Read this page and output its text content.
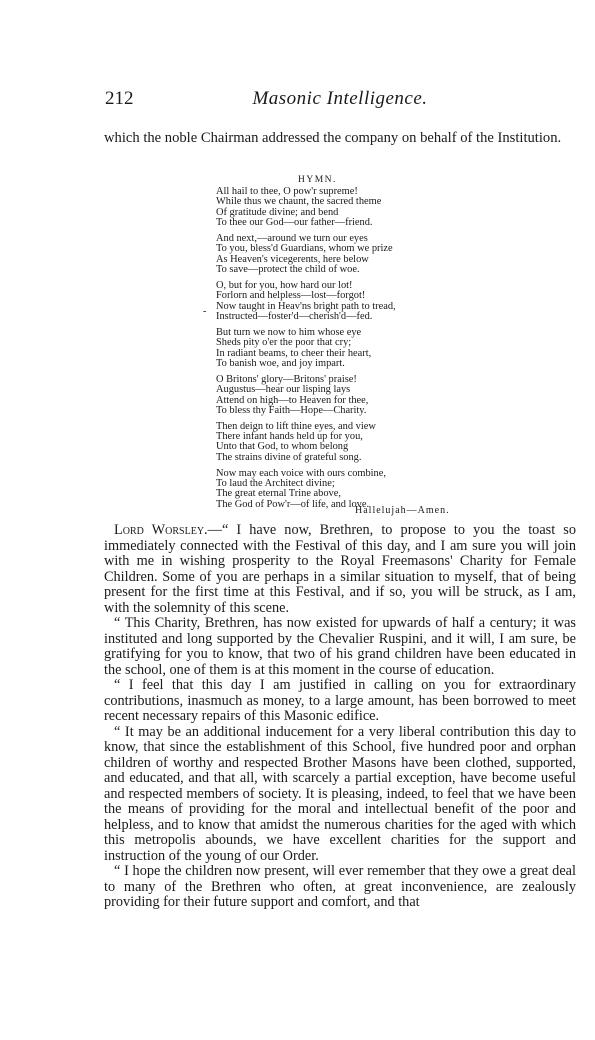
212	Masonic Intelligence.
which the noble Chairman addressed the company on behalf of the Institution.
HYMN.
-
All hail to thee, O pow'r supreme!
While thus we chaunt, the sacred theme
Of gratitude divine; and bend
To thee our God—our father—friend.
And next,—around we turn our eyes
To you, bless'd Guardians, whom we prize
As Heaven's vicegerents, here below
To save—protect the child of woe.
O, but for you, how hard our lot!
Forlorn and helpless—lost—forgot!
Now taught in Heav'ns bright path to tread,
Instructed—foster'd—cherish'd—fed.
But turn we now to him whose eye
Sheds pity o'er the poor that cry;
In radiant beams, to cheer their heart,
To banish woe, and joy impart.
O Britons' glory—Britons' praise!
Augustus—hear our lisping lays
Attend on high—to Heaven for thee,
To bless thy Faith—Hope—Charity.
Then deign to lift thine eyes, and view
There infant hands held up for you,
Unto that God, to whom belong
The strains divine of grateful song.
Now may each voice with ours combine,
To laud the Architect divine;
The great eternal Trine above,
The God of Pow'r—of life, and love.
Hallelujah—Amen.

Lord Worsley.—“ I have now, Brethren, to propose to you the toast so immediately connected with the Festival of this day, and I am sure you will join with me in wishing prosperity to the Royal Freemasons' Charity for Female Children. Some of you are perhaps in a similar situation to myself, that of being present for the first time at this Festival, and if so, you will be struck, as I am, with the solemnity of this scene.

“ This Charity, Brethren, has now existed for upwards of half a century; it was instituted and long supported by the Chevalier Ruspini, and it will, I am sure, be gratifying for you to know, that two of his grand children have been educated in the school, one of them is at this moment in the course of education.

“ I feel that this day I am justified in calling on you for extraordinary contributions, inasmuch as money, to a large amount, has been borrowed to meet recent necessary repairs of this Masonic edifice.

“ It may be an additional inducement for a very liberal contribution this day to know, that since the establishment of this School, five hundred poor and orphan children of worthy and respected Brother Masons have been clothed, supported, and educated, and that all, with scarcely a partial exception, have become useful and respected members of society. It is pleasing, indeed, to feel that we have been the means of providing for the moral and intellectual benefit of the poor and helpless, and to know that amidst the numerous charities for the aged with which this metropolis abounds, we have excellent charities for the support and instruction of the young of our Order.

“ I hope the children now present, will ever remember that they owe a great deal to many of the Brethren who often, at great inconvenience, are zealously providing for their future support and comfort, and that
